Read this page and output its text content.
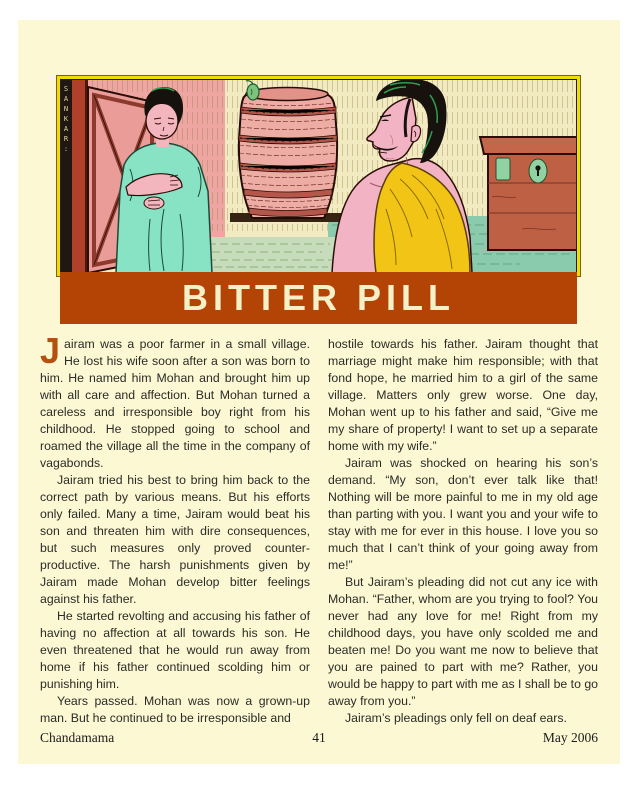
SANKAR:
BITTER PILL

Jairam was a poor farmer in a small village. He lost his wife soon after a son was born to him. He named him Mohan and brought him up with all care and affection. But Mohan turned a careless and irresponsible boy right from his childhood. He stopped going to school and roamed the village all the time in the company of vagabonds.

Jairam tried his best to bring him back to the correct path by various means. But his efforts only failed. Many a time, Jairam would beat his son and threaten him with dire consequences, but such measures only proved counter-productive. The harsh punishments given by Jairam made Mohan develop bitter feelings against his father.

He started revolting and accusing his father of having no affection at all towards his son. He even threatened that he would run away from home if his father continued scolding him or punishing him.

Years passed. Mohan was now a grown-up man. But he continued to be irresponsible and

hostile towards his father. Jairam thought that marriage might make him responsible; with that fond hope, he married him to a girl of the same village. Matters only grew worse. One day, Mohan went up to his father and said, “Give me my share of property! I want to set up a separate home with my wife.”

Jairam was shocked on hearing his son’s demand. “My son, don’t ever talk like that! Nothing will be more painful to me in my old age than parting with you. I want you and your wife to stay with me for ever in this house. I love you so much that I can’t think of your going away from me!”

But Jairam’s pleading did not cut any ice with Mohan. “Father, whom are you trying to fool? You never had any love for me! Right from my childhood days, you have only scolded me and beaten me! Do you want me now to believe that you are pained to part with me? Rather, you would be happy to part with me as I shall be to go away from you.”

Jairam’s pleadings only fell on deaf ears.

Chandamama	41	May 2006
